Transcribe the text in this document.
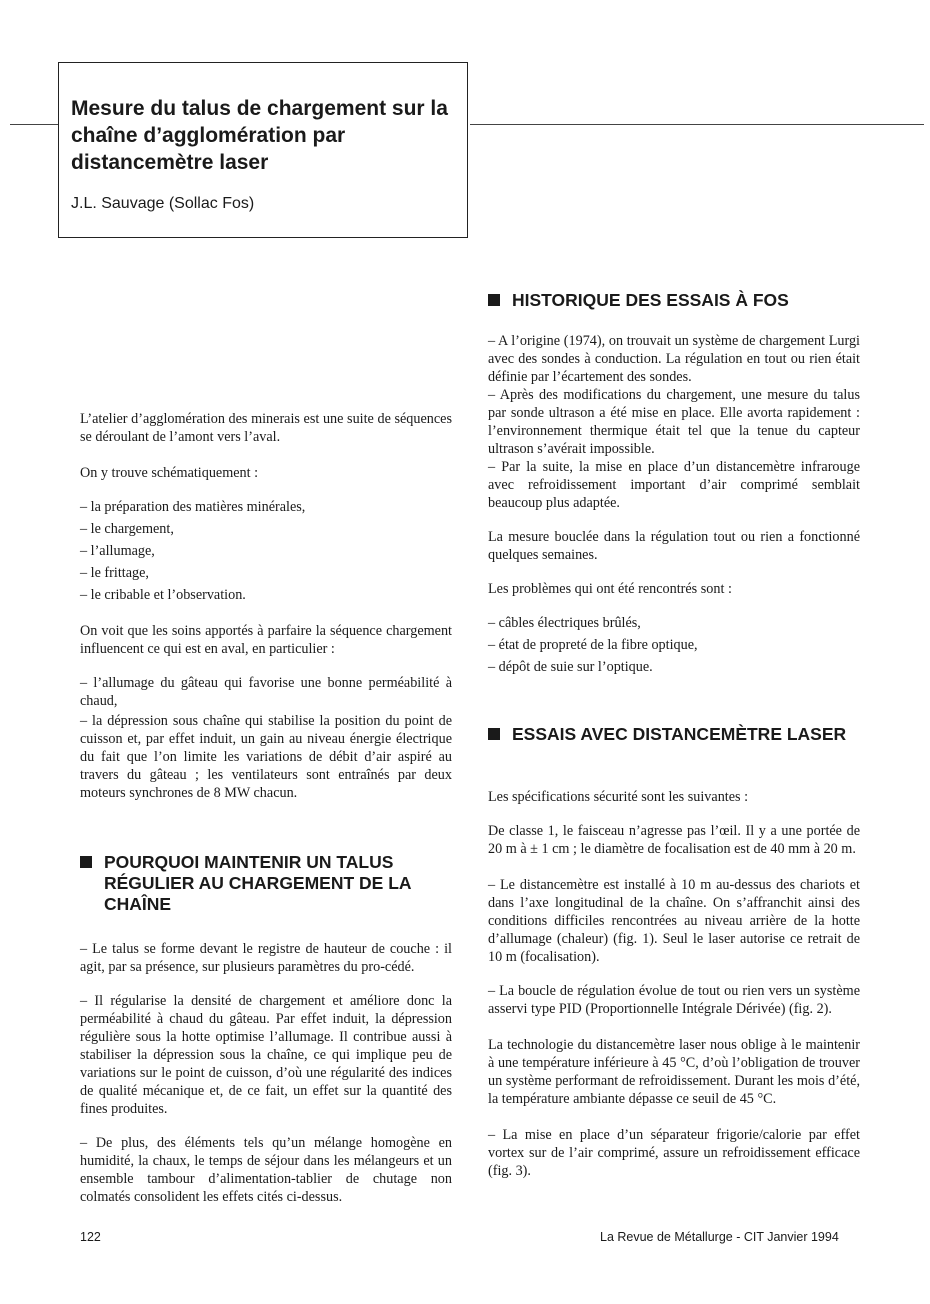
Mesure du talus de chargement sur la chaîne d’agglomération par distancemètre laser
J.L. Sauvage (Sollac Fos)

L’atelier d’agglomération des minerais est une suite de séquences se déroulant de l’amont vers l’aval.

On y trouve schématiquement :

– la préparation des matières minérales,

– le chargement,

– l’allumage,

– le frittage,

– le cribable et l’observation.

On voit que les soins apportés à parfaire la séquence chargement influencent ce qui est en aval, en particulier :

– l’allumage du gâteau qui favorise une bonne perméabilité à chaud,

– la dépression sous chaîne qui stabilise la position du point de cuisson et, par effet induit, un gain au niveau énergie électrique du fait que l’on limite les variations de débit d’air aspiré au travers du gâteau ; les ventilateurs sont entraînés par deux moteurs synchrones de 8 MW chacun.

POURQUOI MAINTENIR UN TALUS RÉGULIER AU CHARGEMENT DE LA CHAÎNE

– Le talus se forme devant le registre de hauteur de couche : il agit, par sa présence, sur plusieurs paramètres du pro-cédé.

– Il régularise la densité de chargement et améliore donc la perméabilité à chaud du gâteau. Par effet induit, la dépression régulière sous la hotte optimise l’allumage. Il contribue aussi à stabiliser la dépression sous la chaîne, ce qui implique peu de variations sur le point de cuisson, d’où une régularité des indices de qualité mécanique et, de ce fait, un effet sur la quantité des fines produites.

– De plus, des éléments tels qu’un mélange homogène en humidité, la chaux, le temps de séjour dans les mélangeurs et un ensemble tambour d’alimentation-tablier de chutage non colmatés consolident les effets cités ci-dessus.

HISTORIQUE DES ESSAIS À FOS

– A l’origine (1974), on trouvait un système de chargement Lurgi avec des sondes à conduction. La régulation en tout ou rien était définie par l’écartement des sondes.

– Après des modifications du chargement, une mesure du talus par sonde ultrason a été mise en place. Elle avorta rapidement : l’environnement thermique était tel que la tenue du capteur ultrason s’avérait impossible.

– Par la suite, la mise en place d’un distancemètre infrarouge avec refroidissement important d’air comprimé semblait beaucoup plus adaptée.

La mesure bouclée dans la régulation tout ou rien a fonctionné quelques semaines.

Les problèmes qui ont été rencontrés sont :

– câbles électriques brûlés,

– état de propreté de la fibre optique,

– dépôt de suie sur l’optique.

ESSAIS AVEC DISTANCEMÈTRE LASER

Les spécifications sécurité sont les suivantes :

De classe 1, le faisceau n’agresse pas l’œil. Il y a une portée de 20 m à ± 1 cm ; le diamètre de focalisation est de 40 mm à 20 m.

– Le distancemètre est installé à 10 m au-dessus des chariots et dans l’axe longitudinal de la chaîne. On s’affranchit ainsi des conditions difficiles rencontrées au niveau arrière de la hotte d’allumage (chaleur) (fig. 1). Seul le laser autorise ce retrait de 10 m (focalisation).

– La boucle de régulation évolue de tout ou rien vers un système asservi type PID (Proportionnelle Intégrale Dérivée) (fig. 2).

La technologie du distancemètre laser nous oblige à le maintenir à une température inférieure à 45 °C, d’où l’obligation de trouver un système performant de refroidissement. Durant les mois d’été, la température ambiante dépasse ce seuil de 45 °C.

– La mise en place d’un séparateur frigorie/calorie par effet vortex sur de l’air comprimé, assure un refroidissement efficace (fig. 3).

122	La Revue de Métallurge - CIT Janvier 1994
